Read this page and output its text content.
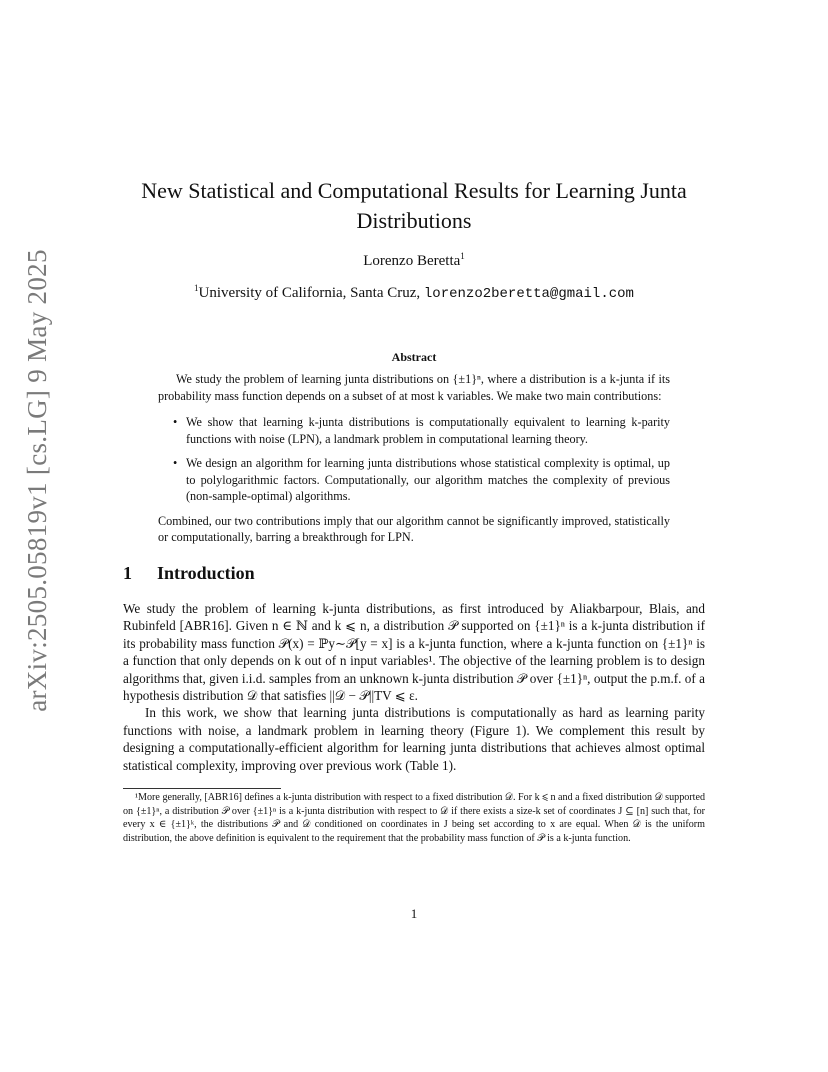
arXiv:2505.05819v1 [cs.LG] 9 May 2025
New Statistical and Computational Results for Learning Junta Distributions
Lorenzo Beretta$^1$
$^1$University of California, Santa Cruz, lorenzo2beretta@gmail.com
Abstract

We study the problem of learning junta distributions on {±1}ⁿ, where a distribution is a k-junta if its probability mass function depends on a subset of at most k variables. We make two main contributions:

• We show that learning k-junta distributions is computationally equivalent to learning k-parity functions with noise (LPN), a landmark problem in computational learning theory.
• We design an algorithm for learning junta distributions whose statistical complexity is optimal, up to polylogarithmic factors. Computationally, our algorithm matches the complexity of previous (non-sample-optimal) algorithms.

Combined, our two contributions imply that our algorithm cannot be significantly improved, statistically or computationally, barring a breakthrough for LPN.

1 Introduction

We study the problem of learning k-junta distributions, as first introduced by Aliakbarpour, Blais, and Rubinfeld [ABR16]. Given n ∈ ℕ and k ⩽ n, a distribution 𝒫 supported on {±1}ⁿ is a k-junta distribution if its probability mass function 𝒫(x) = ℙy∼𝒫[y = x] is a k-junta function, where a k-junta function on {±1}ⁿ is a function that only depends on k out of n input variables¹. The objective of the learning problem is to design algorithms that, given i.i.d. samples from an unknown k-junta distribution 𝒫 over {±1}ⁿ, output the p.m.f. of a hypothesis distribution 𝒟 that satisfies ||𝒟 − 𝒫||TV ⩽ ε.

In this work, we show that learning junta distributions is computationally as hard as learning parity functions with noise, a landmark problem in learning theory (Figure 1). We complement this result by designing a computationally-efficient algorithm for learning junta distributions that achieves almost optimal statistical complexity, improving over previous work (Table 1).

¹More generally, [ABR16] defines a k-junta distribution with respect to a fixed distribution 𝒟. For k ⩽ n and a fixed distribution 𝒟 supported on {±1}ⁿ, a distribution 𝒫 over {±1}ⁿ is a k-junta distribution with respect to 𝒟 if there exists a size-k set of coordinates J ⊆ [n] such that, for every x ∈ {±1}ᵏ, the distributions 𝒫 and 𝒟 conditioned on coordinates in J being set according to x are equal. When 𝒟 is the uniform distribution, the above definition is equivalent to the requirement that the probability mass function of 𝒫 is a k-junta function.

1
